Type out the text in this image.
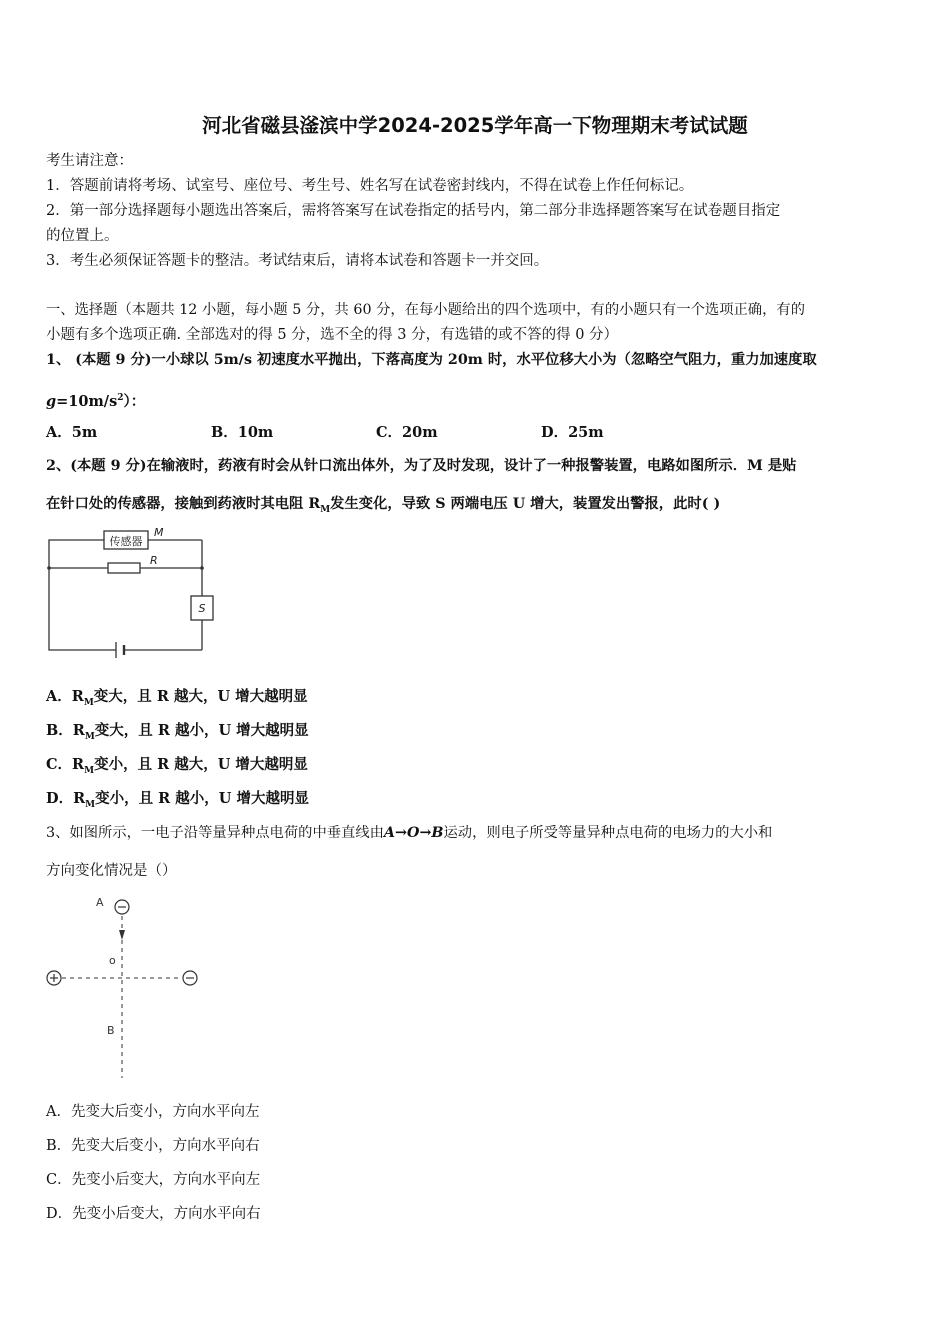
河北省磁县滏滨中学2024-2025学年高一下物理期末考试试题
考生请注意：
1．答题前请将考场、试室号、座位号、考生号、姓名写在试卷密封线内，不得在试卷上作任何标记。
2．第一部分选择题每小题选出答案后，需将答案写在试卷指定的括号内，第二部分非选择题答案写在试卷题目指定
的位置上。
3．考生必须保证答题卡的整洁。考试结束后，请将本试卷和答题卡一并交回。
一、选择题（本题共 12 小题，每小题 5 分，共 60 分，在每小题给出的四个选项中，有的小题只有一个选项正确，有的
小题有多个选项正确. 全部选对的得 5 分，选不全的得 3 分，有选错的或不答的得 0 分）
1、 (本题 9 分)一小球以 5m/s 初速度水平抛出，下落高度为 20m 时，水平位移大小为（忽略空气阻力，重力加速度取
$g=10m/s^2$）：
A．5m	B．10m	C．20m	D．25m
2、(本题 9 分)在输液时，药液有时会从针口流出体外，为了及时发现，设计了一种报警装置，电路如图所示．M 是贴
在针口处的传感器，接触到药液时其电阻 $R_M$发生变化，导致 S 两端电压 U 增大，装置发出警报，此时( )
传感器
M
R
S
A．$R_M$变大，且 R 越大，U 增大越明显
B．$R_M$变大，且 R 越小，U 增大越明显
C．$R_M$变小，且 R 越大，U 增大越明显
D．$R_M$变小，且 R 越小，U 增大越明显
3、如图所示，一电子沿等量异种点电荷的中垂直线由A→O→B运动，则电子所受等量异种点电荷的电场力的大小和
方向变化情况是（）
A
o
B
A．先变大后变小，方向水平向左
B．先变大后变小，方向水平向右
C．先变小后变大，方向水平向左
D．先变小后变大，方向水平向右
